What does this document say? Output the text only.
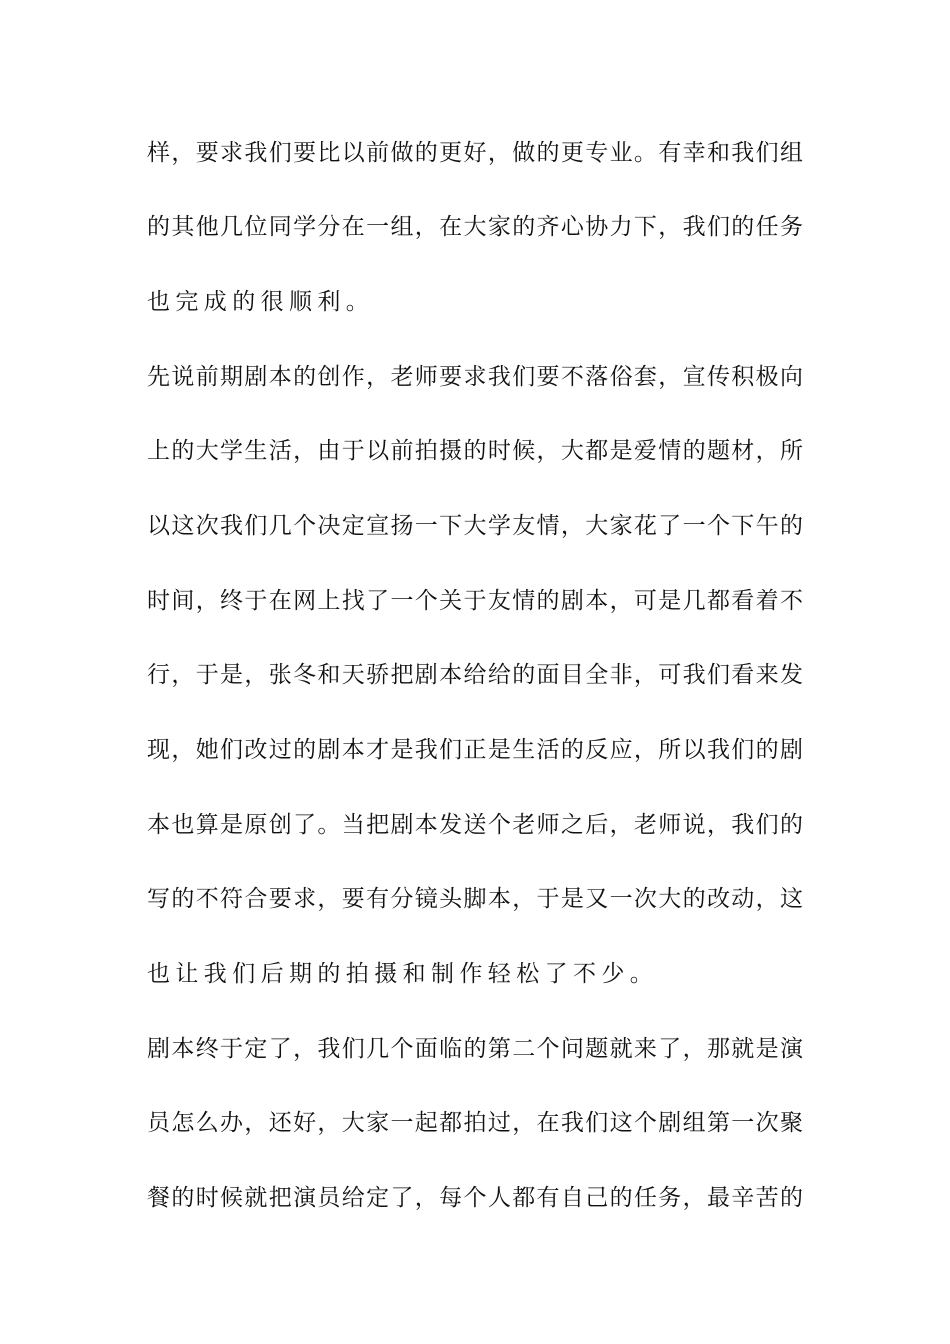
样，要求我们要比以前做的更好，做的更专业。有幸和我们组
的其他几位同学分在一组，在大家的齐心协力下，我们的任务
也完成的很顺利。
先说前期剧本的创作，老师要求我们要不落俗套，宣传积极向
上的大学生活，由于以前拍摄的时候，大都是爱情的题材，所
以这次我们几个决定宣扬一下大学友情，大家花了一个下午的
时间，终于在网上找了一个关于友情的剧本，可是几都看着不
行，于是，张冬和天骄把剧本给给的面目全非，可我们看来发
现，她们改过的剧本才是我们正是生活的反应，所以我们的剧
本也算是原创了。当把剧本发送个老师之后，老师说，我们的
写的不符合要求，要有分镜头脚本，于是又一次大的改动，这
也让我们后期的拍摄和制作轻松了不少。
剧本终于定了，我们几个面临的第二个问题就来了，那就是演
员怎么办，还好，大家一起都拍过，在我们这个剧组第一次聚
餐的时候就把演员给定了，每个人都有自己的任务，最辛苦的
